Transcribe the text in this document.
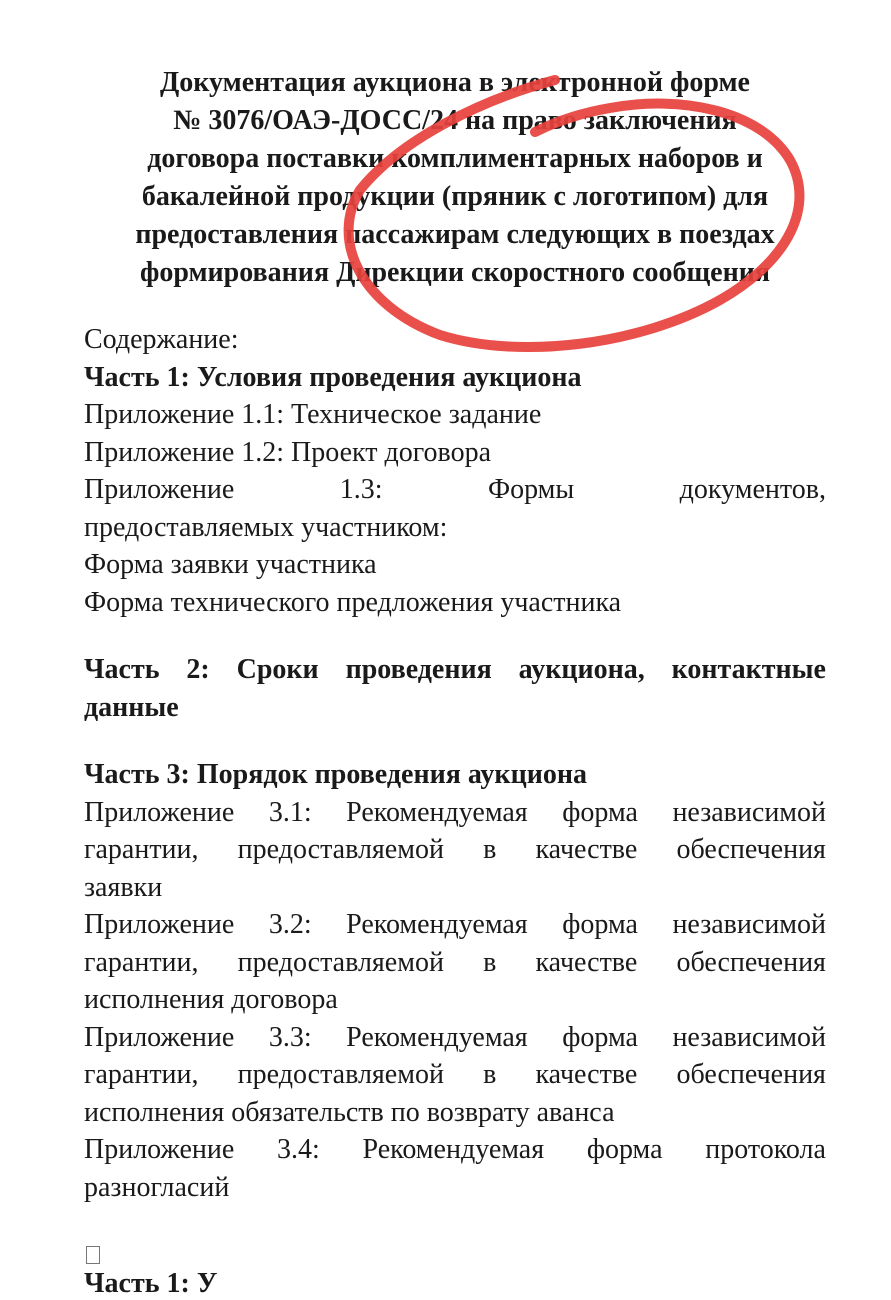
Документация аукциона в электронной форме
№ 3076/ОАЭ-ДОСС/24 на право заключения
договора поставки комплиментарных наборов и
бакалейной продукции (пряник с логотипом) для
предоставления пассажирам следующих в поездах
формирования Дирекции скоростного сообщения
Содержание:
Часть 1: Условия проведения аукциона
Приложение 1.1: Техническое задание
Приложение 1.2: Проект договора
Приложение	1.3:	Формы	документов,
предоставляемых участником:
Форма заявки участника
Форма технического предложения участника
Часть 2: Сроки проведения аукциона, контактные
данные
Часть 3: Порядок проведения аукциона
Приложение 3.1: Рекомендуемая форма независимой
гарантии, предоставляемой в качестве обеспечения
заявки
Приложение 3.2: Рекомендуемая форма независимой
гарантии, предоставляемой в качестве обеспечения
исполнения договора
Приложение 3.3: Рекомендуемая форма независимой
гарантии, предоставляемой в качестве обеспечения
исполнения обязательств по возврату аванса
Приложение 3.4: Рекомендуемая форма протокола
разногласий
Часть 1: У
